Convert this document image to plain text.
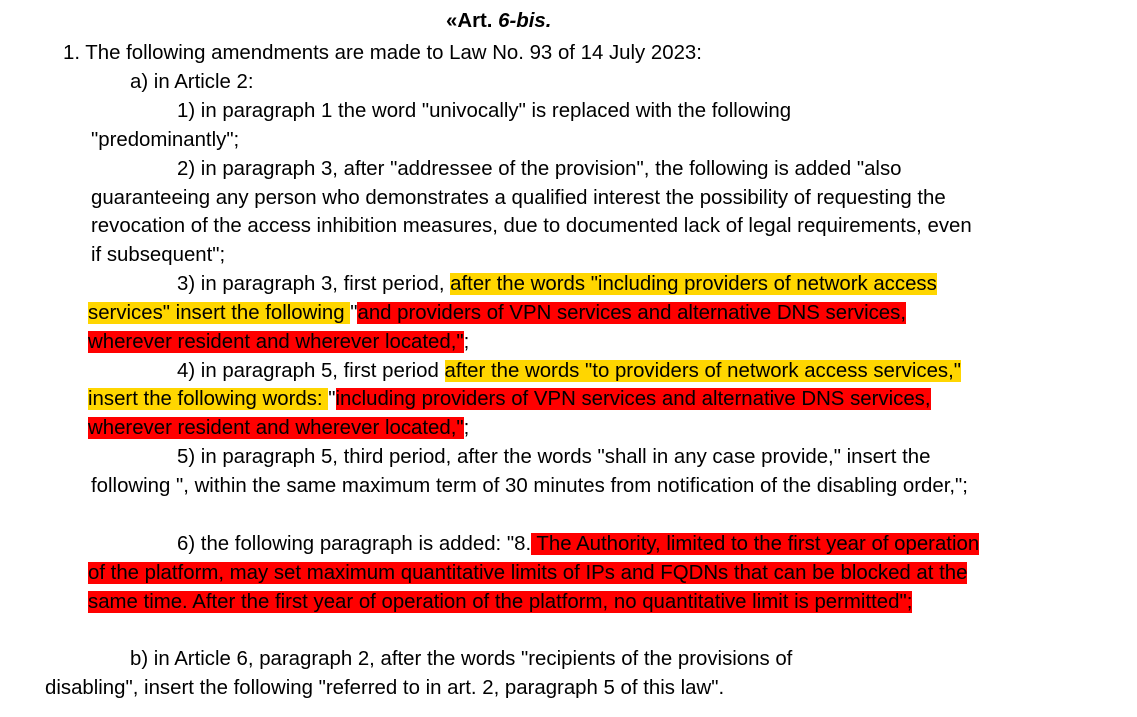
«Art. 6-bis.
1. The following amendments are made to Law No. 93 of 14 July 2023:
a) in Article 2:
1) in paragraph 1 the word "univocally" is replaced with the following
"predominantly";
2) in paragraph 3, after "addressee of the provision", the following is added "also
guaranteeing any person who demonstrates a qualified interest the possibility of requesting the
revocation of the access inhibition measures, due to documented lack of legal requirements, even
if subsequent";
3) in paragraph 3, first period, after the words "including providers of network access
services" insert the following "and providers of VPN services and alternative DNS services,
wherever resident and wherever located,";
4) in paragraph 5, first period after the words "to providers of network access services,"
insert the following words: "including providers of VPN services and alternative DNS services,
wherever resident and wherever located,";
5) in paragraph 5, third period, after the words "shall in any case provide," insert the
following ", within the same maximum term of 30 minutes from notification of the disabling order,";
6) the following paragraph is added: "8. The Authority, limited to the first year of operation
of the platform, may set maximum quantitative limits of IPs and FQDNs that can be blocked at the
same time. After the first year of operation of the platform, no quantitative limit is permitted";
b) in Article 6, paragraph 2, after the words "recipients of the provisions of
disabling", insert the following "referred to in art. 2, paragraph 5 of this law".
